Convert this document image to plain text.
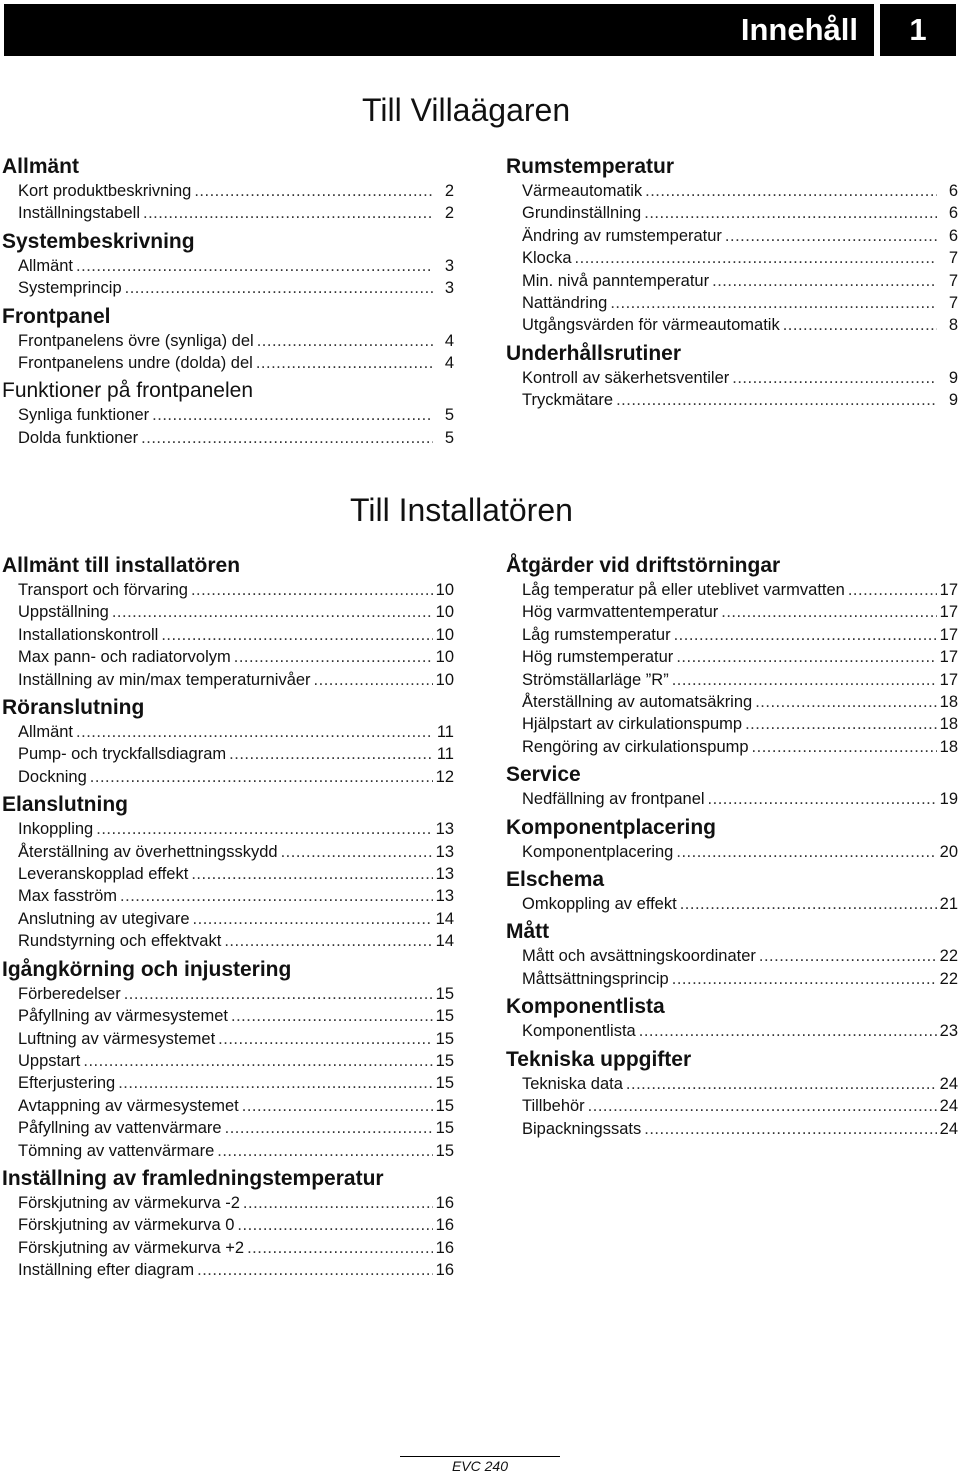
Innehåll	1
Till Villaägaren
Allmänt
Kort produktbeskrivning .....	2
Inställningstabell .....	2
Systembeskrivning
Allmänt .....	3
Systemprincip .....	3
Frontpanel
Frontpanelens övre (synliga) del .....	4
Frontpanelens undre (dolda) del .....	4
Funktioner på frontpanelen
Synliga funktioner .....	5
Dolda funktioner .....	5
Rumstemperatur
Värmeautomatik .....	6
Grundinställning .....	6
Ändring av rumstemperatur .....	6
Klocka .....	7
Min. nivå panntemperatur .....	7
Nattändring .....	7
Utgångsvärden för värmeautomatik .....	8
Underhållsrutiner
Kontroll av säkerhetsventiler .....	9
Tryckmätare .....	9
Till Installatören
Allmänt till installatören
Transport och förvaring .....	10
Uppställning .....	10
Installationskontroll .....	10
Max pann- och radiatorvolym .....	10
Inställning av min/max temperaturnivåer .....	10
Röranslutning
Allmänt .....	11
Pump- och tryckfallsdiagram .....	11
Dockning .....	12
Elanslutning
Inkoppling .....	13
Återställning av överhettningsskydd .....	13
Leveranskopplad effekt .....	13
Max fasström .....	13
Anslutning av utegivare .....	14
Rundstyrning och effektvakt .....	14
Igångkörning och injustering
Förberedelser .....	15
Påfyllning av värmesystemet .....	15
Luftning av värmesystemet .....	15
Uppstart .....	15
Efterjustering .....	15
Avtappning av värmesystemet .....	15
Påfyllning av vattenvärmare .....	15
Tömning av vattenvärmare .....	15
Inställning av framledningstemperatur
Förskjutning av värmekurva -2 .....	16
Förskjutning av värmekurva 0 .....	16
Förskjutning av värmekurva +2 .....	16
Inställning efter diagram .....	16
Åtgärder vid driftstörningar
Låg temperatur på eller uteblivet varmvatten .....	17
Hög varmvattentemperatur .....	17
Låg rumstemperatur .....	17
Hög rumstemperatur .....	17
Strömställarläge ”R” .....	17
Återställning av automatsäkring .....	18
Hjälpstart av cirkulationspump .....	18
Rengöring av cirkulationspump .....	18
Service
Nedfällning av frontpanel .....	19
Komponentplacering
Komponentplacering .....	20
Elschema
Omkoppling av effekt .....	21
Mått
Mått och avsättningskoordinater .....	22
Måttsättningsprincip .....	22
Komponentlista
Komponentlista .....	23
Tekniska uppgifter
Tekniska data .....	24
Tillbehör .....	24
Bipackningssats .....	24
EVC 240
